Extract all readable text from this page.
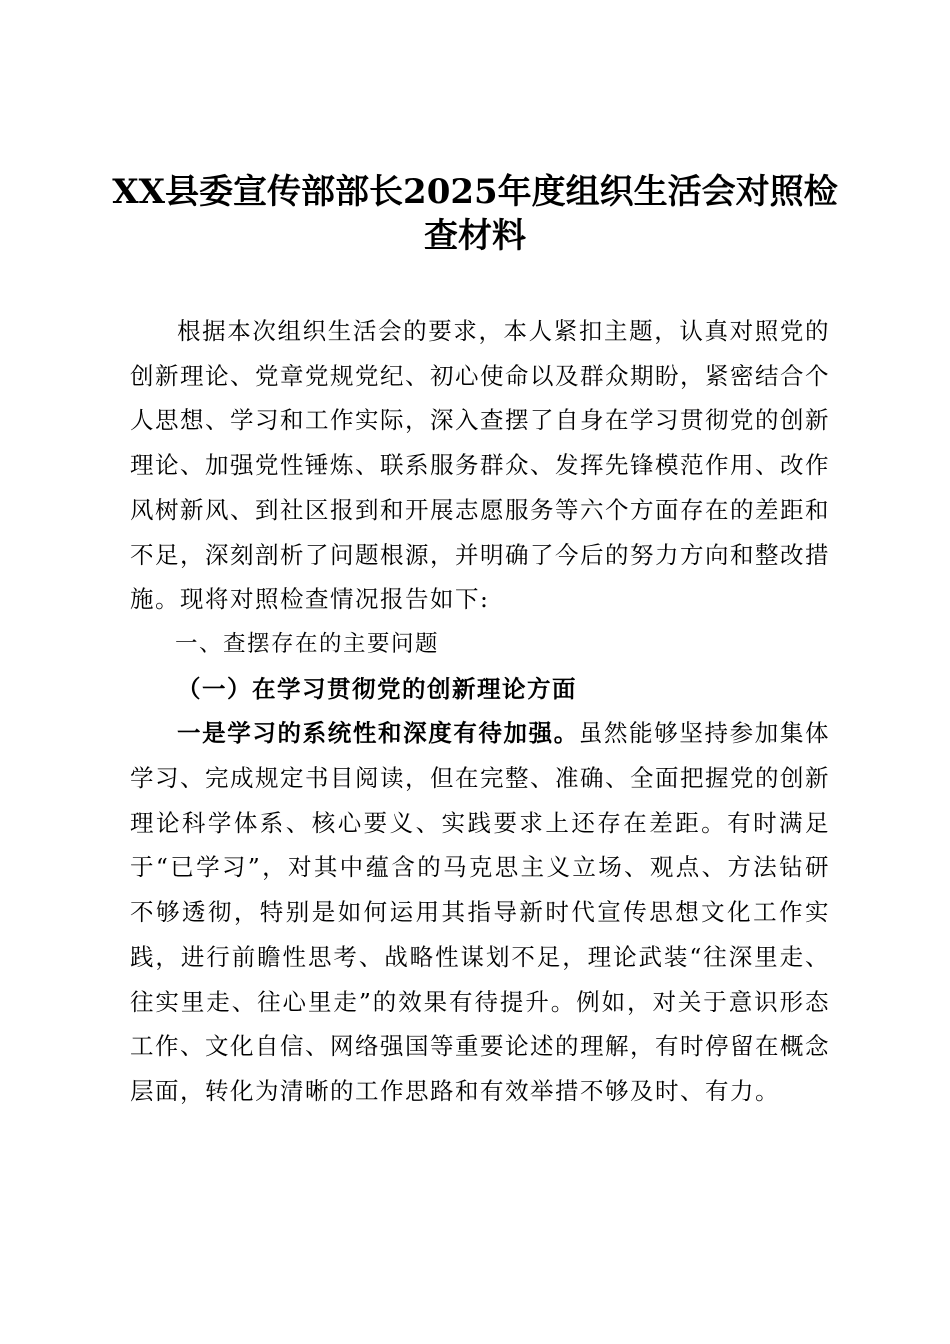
XX县委宣传部部长2025年度组织生活会对照检查材料

根据本次组织生活会的要求，本人紧扣主题，认真对照党的创新理论、党章党规党纪、初心使命以及群众期盼，紧密结合个人思想、学习和工作实际，深入查摆了自身在学习贯彻党的创新理论、加强党性锤炼、联系服务群众、发挥先锋模范作用、改作风树新风、到社区报到和开展志愿服务等六个方面存在的差距和不足，深刻剖析了问题根源，并明确了今后的努力方向和整改措施。现将对照检查情况报告如下:

一、查摆存在的主要问题

（一）在学习贯彻党的创新理论方面

一是学习的系统性和深度有待加强。虽然能够坚持参加集体学习、完成规定书目阅读，但在完整、准确、全面把握党的创新理论科学体系、核心要义、实践要求上还存在差距。有时满足于“已学习”，对其中蕴含的马克思主义立场、观点、方法钻研不够透彻，特别是如何运用其指导新时代宣传思想文化工作实践，进行前瞻性思考、战略性谋划不足，理论武装“往深里走、往实里走、往心里走”的效果有待提升。例如，对关于意识形态工作、文化自信、网络强国等重要论述的理解，有时停留在概念层面，转化为清晰的工作思路和有效举措不够及时、有力。
